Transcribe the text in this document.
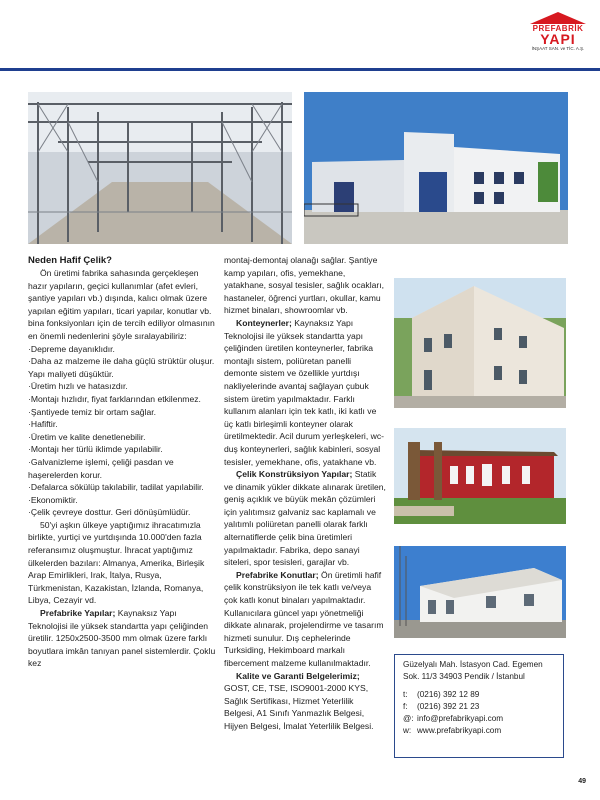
PREFABRİK
YAPI
İNŞAAT SAN. ve TİC. A.Ş.
Neden Hafif Çelik?

Ön üretimi fabrika sahasında gerçekleşen hazır yapıların, geçici kullanımlar (afet evleri, şantiye yapıları vb.) dışında, kalıcı olmak üzere yapılan eğitim yapıları, ticari yapılar, konutlar vb. bina fonksiyonları için de tercih ediliyor olmasının en önemli nedenlerini şöyle sıralayabiliriz:

·Depreme dayanıklıdır.
·Daha az malzeme ile daha güçlü strüktür oluşur. Yapı maliyeti düşüktür.
·Üretim hızlı ve hatasızdır.
·Montajı hızlıdır, fiyat farklarından etkilenmez.
·Şantiyede temiz bir ortam sağlar.
·Hafiftir.
·Üretim ve kalite denetlenebilir.
·Montajı her türlü iklimde yapılabilir.
·Galvanizleme işlemi, çeliği pasdan ve haşerelerden korur.
·Defalarca sökülüp takılabilir, tadilat yapılabilir.
·Ekonomiktir.
·Çelik çevreye dosttur. Geri dönüşümlüdür.

50'yi aşkın ülkeye yaptığımız ihracatımızla birlikte, yurtiçi ve yurtdışında 10.000'den fazla referansımız oluşmuştur. İhracat yaptığımız ülkelerden bazıları: Almanya, Amerika, Birleşik Arap Emirlikleri, Irak, İtalya, Rusya, Türkmenistan, Kazakistan, İzlanda, Romanya, Libya, Cezayir vd.

Prefabrike Yapılar; Kaynaksız Yapı Teknolojisi ile yüksek standartta yapı çeliğinden üretilir. 1250x2500-3500 mm olmak üzere farklı boyutlara imkân tanıyan panel sistemlerdir. Çoklu kez

montaj-demontaj olanağı sağlar. Şantiye kamp yapıları, ofis, yemekhane, yatakhane, sosyal tesisler, sağlık ocakları, hastaneler, öğrenci yurtları, okullar, kamu hizmet binaları, showroomlar vb.

Konteynerler; Kaynaksız Yapı Teknolojisi ile yüksek standartta yapı çeliğinden üretilen konteynerler, fabrika montajlı sistem, poliüretan panelli demonte sistem ve özellikle yurtdışı nakliyelerinde avantaj sağlayan çubuk sistem üretim yapılmaktadır. Farklı kullanım alanları için tek katlı, iki katlı ve üç katlı birleşimli konteyner olarak üretilmektedir. Acil durum yerleşkeleri, wc-duş konteynerleri, sağlık kabinleri, sosyal tesisler, yemekhane, ofis, yatakhane vb.

Çelik Konstrüksiyon Yapılar; Statik ve dinamik yükler dikkate alınarak üretilen, geniş açıklık ve büyük mekân çözümleri için yalıtımsız galvaniz sac kaplamalı ve yalıtımlı poliüretan panelli olarak farklı alternatiflerde çelik bina üretimleri yapılmaktadır. Fabrika, depo sanayi siteleri, spor tesisleri, garajlar vb.

Prefabrike Konutlar; Ön üretimli hafif çelik konstrüksiyon ile tek katlı ve/veya çok katlı konut binaları yapılmaktadır. Kullanıcılara güncel yapı yönetmeliği dikkate alınarak, projelendirme ve tasarım hizmeti sunulur. Dış cephelerinde Turksiding, Hekimboard markalı fibercement malzeme kullanılmaktadır.

Kalite ve Garanti Belgelerimiz; GOST, CE, TSE, ISO9001-2000 KYS, Sağlık Sertifikası, Hizmet Yeterlilik Belgesi, A1 Sınıfı Yanmazlık Belgesi, Hijyen Belgesi, İmalat Yeterlilik Belgesi.

Güzelyalı Mah. İstasyon Cad. Egemen Sok. 11/3 34903 Pendik / İstanbul
t:	(0216) 392 12 89
f:	(0216) 392 21 23
@: info@prefabrikyapi.com
w: www.prefabrikyapi.com
49
